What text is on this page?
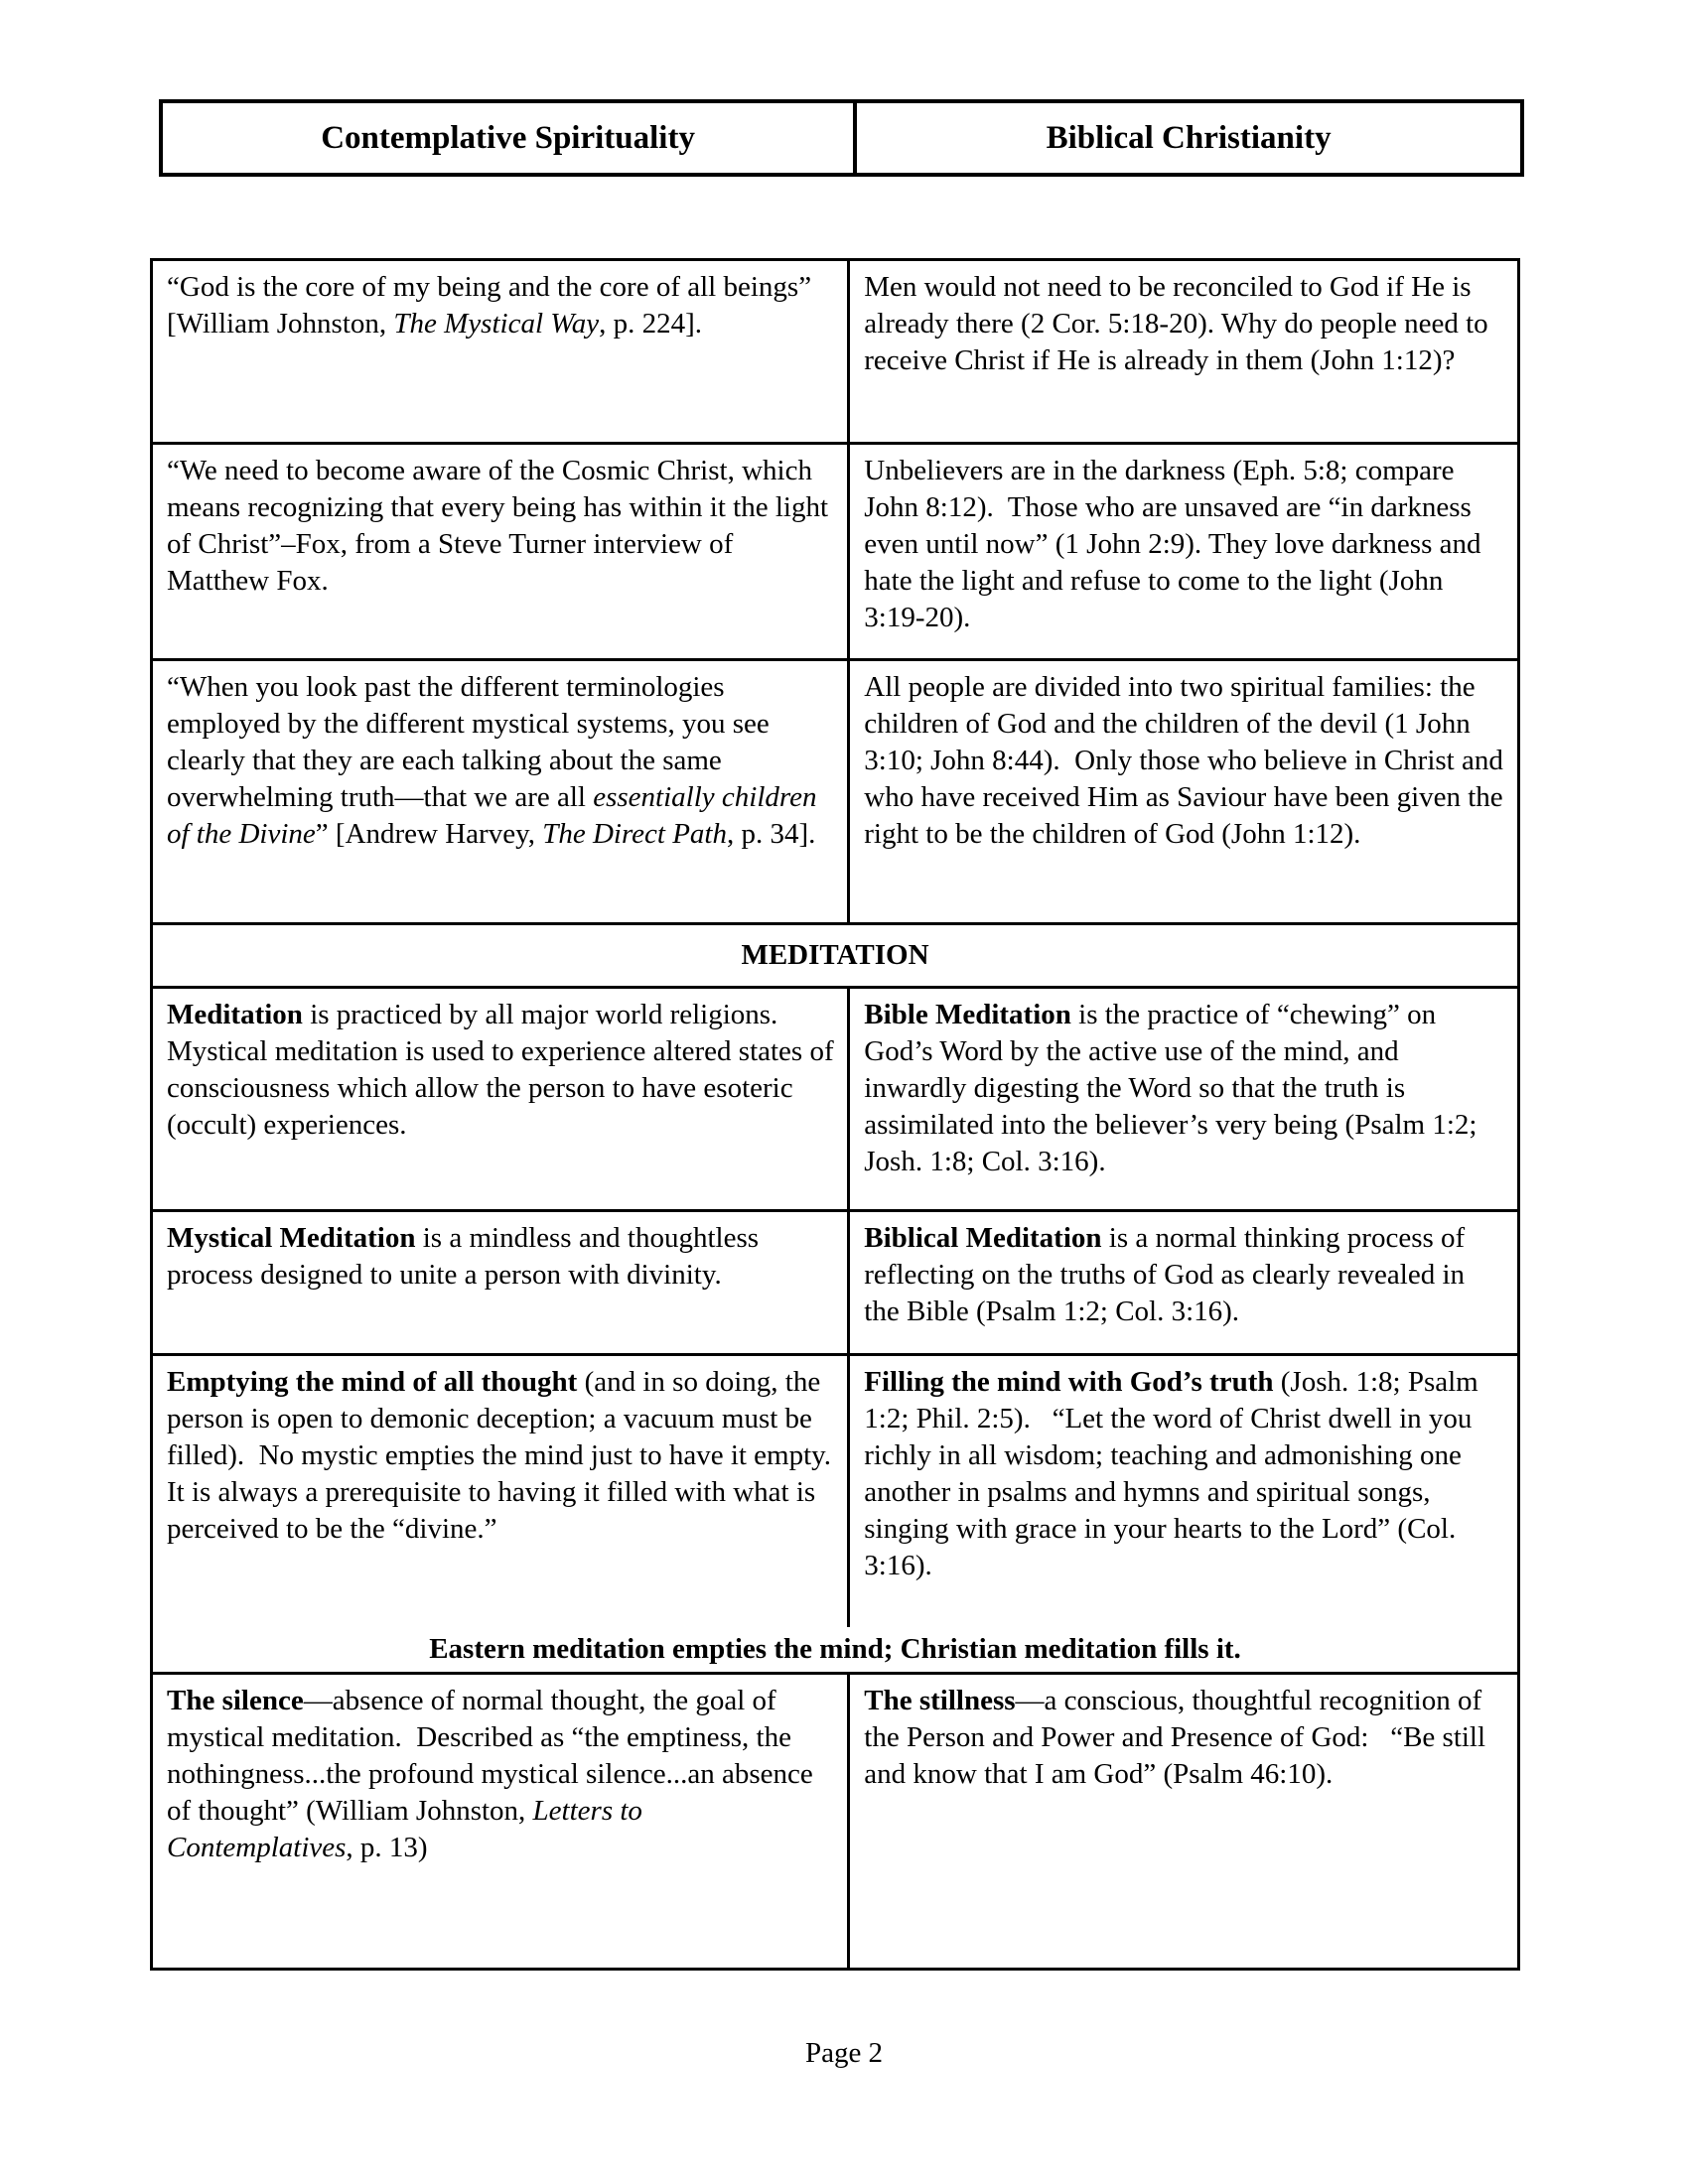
Contemplative Spirituality	Biblical Christianity
“God is the core of my being and the core of all beings” [William Johnston, The Mystical Way, p. 224].	Men would not need to be reconciled to God if He is already there (2 Cor. 5:18-20). Why do people need to receive Christ if He is already in them (John 1:12)?
“We need to become aware of the Cosmic Christ, which means recognizing that every being has within it the light of Christ”–Fox, from a Steve Turner interview of Matthew Fox.	Unbelievers are in the darkness (Eph. 5:8; compare John 8:12).  Those who are unsaved are “in darkness even until now” (1 John 2:9). They love darkness and hate the light and refuse to come to the light (John 3:19-20).
“When you look past the different terminologies employed by the different mystical systems, you see clearly that they are each talking about the same overwhelming truth—that we are all essentially children of the Divine” [Andrew Harvey, The Direct Path, p. 34].	All people are divided into two spiritual families: the children of God and the children of the devil (1 John 3:10; John 8:44).  Only those who believe in Christ and who have received Him as Saviour have been given the right to be the children of God (John 1:12).
MEDITATION	
Meditation is practiced by all major world religions.  Mystical meditation is used to experience altered states of consciousness which allow the person to have esoteric (occult) experiences.	Bible Meditation is the practice of “chewing” on God’s Word by the active use of the mind, and inwardly digesting the Word so that the truth is assimilated into the believer’s very being (Psalm 1:2; Josh. 1:8; Col. 3:16).
Mystical Meditation is a mindless and thoughtless process designed to unite a person with divinity.	Biblical Meditation is a normal thinking process of reflecting on the truths of God as clearly revealed in the Bible (Psalm 1:2; Col. 3:16).
Emptying the mind of all thought (and in so doing, the person is open to demonic deception; a vacuum must be filled).  No mystic empties the mind just to have it empty.  It is always a prerequisite to having it filled with what is perceived to be the “divine.”	Filling the mind with God’s truth (Josh. 1:8; Psalm 1:2; Phil. 2:5).   “Let the word of Christ dwell in you richly in all wisdom; teaching and admonishing one another in psalms and hymns and spiritual songs, singing with grace in your hearts to the Lord” (Col. 3:16).
Eastern meditation empties the mind; Christian meditation fills it.	
The silence—absence of normal thought, the goal of mystical meditation.  Described as “the emptiness, the nothingness...the profound mystical silence...an absence of thought” (William Johnston, Letters to Contemplatives, p. 13)	The stillness—a conscious, thoughtful recognition of the Person and Power and Presence of God:   “Be still and know that I am God” (Psalm 46:10).
Page 2
